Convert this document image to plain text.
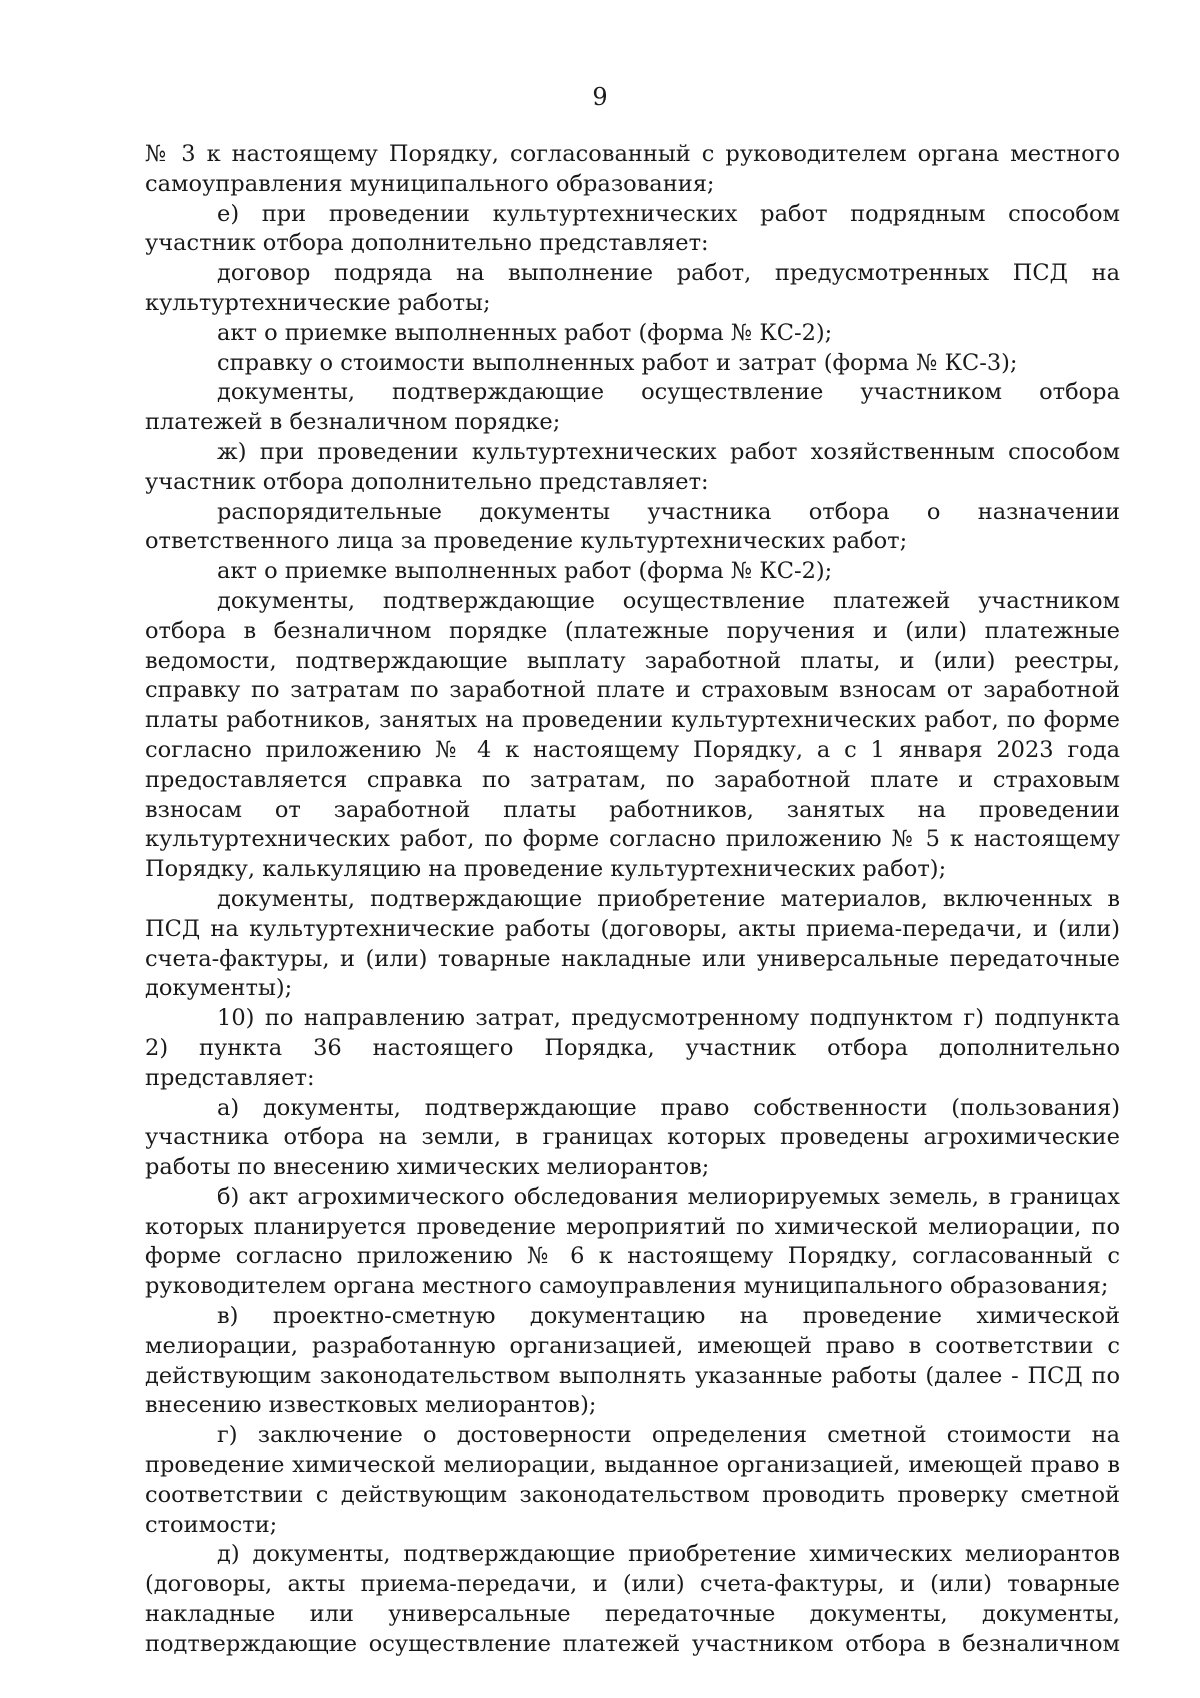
9

№ 3 к настоящему Порядку, согласованный с руководителем органа местного самоуправления муниципального образования;

е) при проведении культуртехнических работ подрядным способом участник отбора дополнительно представляет:

договор подряда на выполнение работ, предусмотренных ПСД на культуртехнические работы;

акт о приемке выполненных работ (форма № КС-2);

справку о стоимости выполненных работ и затрат (форма № КС-3);

документы, подтверждающие осуществление участником отбора платежей в безналичном порядке;

ж) при проведении культуртехнических работ хозяйственным способом участник отбора дополнительно представляет:

распорядительные документы участника отбора о назначении ответственного лица за проведение культуртехнических работ;

акт о приемке выполненных работ (форма № КС-2);

документы, подтверждающие осуществление платежей участником отбора в безналичном порядке (платежные поручения и (или) платежные ведомости, подтверждающие выплату заработной платы, и (или) реестры, справку по затратам по заработной плате и страховым взносам от заработной платы работников, занятых на проведении культуртехнических работ, по форме согласно приложению № 4 к настоящему Порядку, а с 1 января 2023 года предоставляется справка по затратам, по заработной плате и страховым взносам от заработной платы работников, занятых на проведении культуртехнических работ, по форме согласно приложению № 5 к настоящему Порядку, калькуляцию на проведение культуртехнических работ);

документы, подтверждающие приобретение материалов, включенных в ПСД на культуртехнические работы (договоры, акты приема-передачи, и (или) счета-фактуры, и (или) товарные накладные или универсальные передаточные документы);

10) по направлению затрат, предусмотренному подпунктом г) подпункта 2) пункта 36 настоящего Порядка, участник отбора дополнительно представляет:

а) документы, подтверждающие право собственности (пользования) участника отбора на земли, в границах которых проведены агрохимические работы по внесению химических мелиорантов;

б) акт агрохимического обследования мелиорируемых земель, в границах которых планируется проведение мероприятий по химической мелиорации, по форме согласно приложению № 6 к настоящему Порядку, согласованный с руководителем органа местного самоуправления муниципального образования;

в) проектно-сметную документацию на проведение химической мелиорации, разработанную организацией, имеющей право в соответствии с действующим законодательством выполнять указанные работы (далее - ПСД по внесению известковых мелиорантов);

г) заключение о достоверности определения сметной стоимости на проведение химической мелиорации, выданное организацией, имеющей право в соответствии с действующим законодательством проводить проверку сметной стоимости;

д) документы, подтверждающие приобретение химических мелиорантов (договоры, акты приема-передачи, и (или) счета-фактуры, и (или) товарные накладные или универсальные передаточные документы, документы, подтверждающие осуществление платежей участником отбора в безналичном
